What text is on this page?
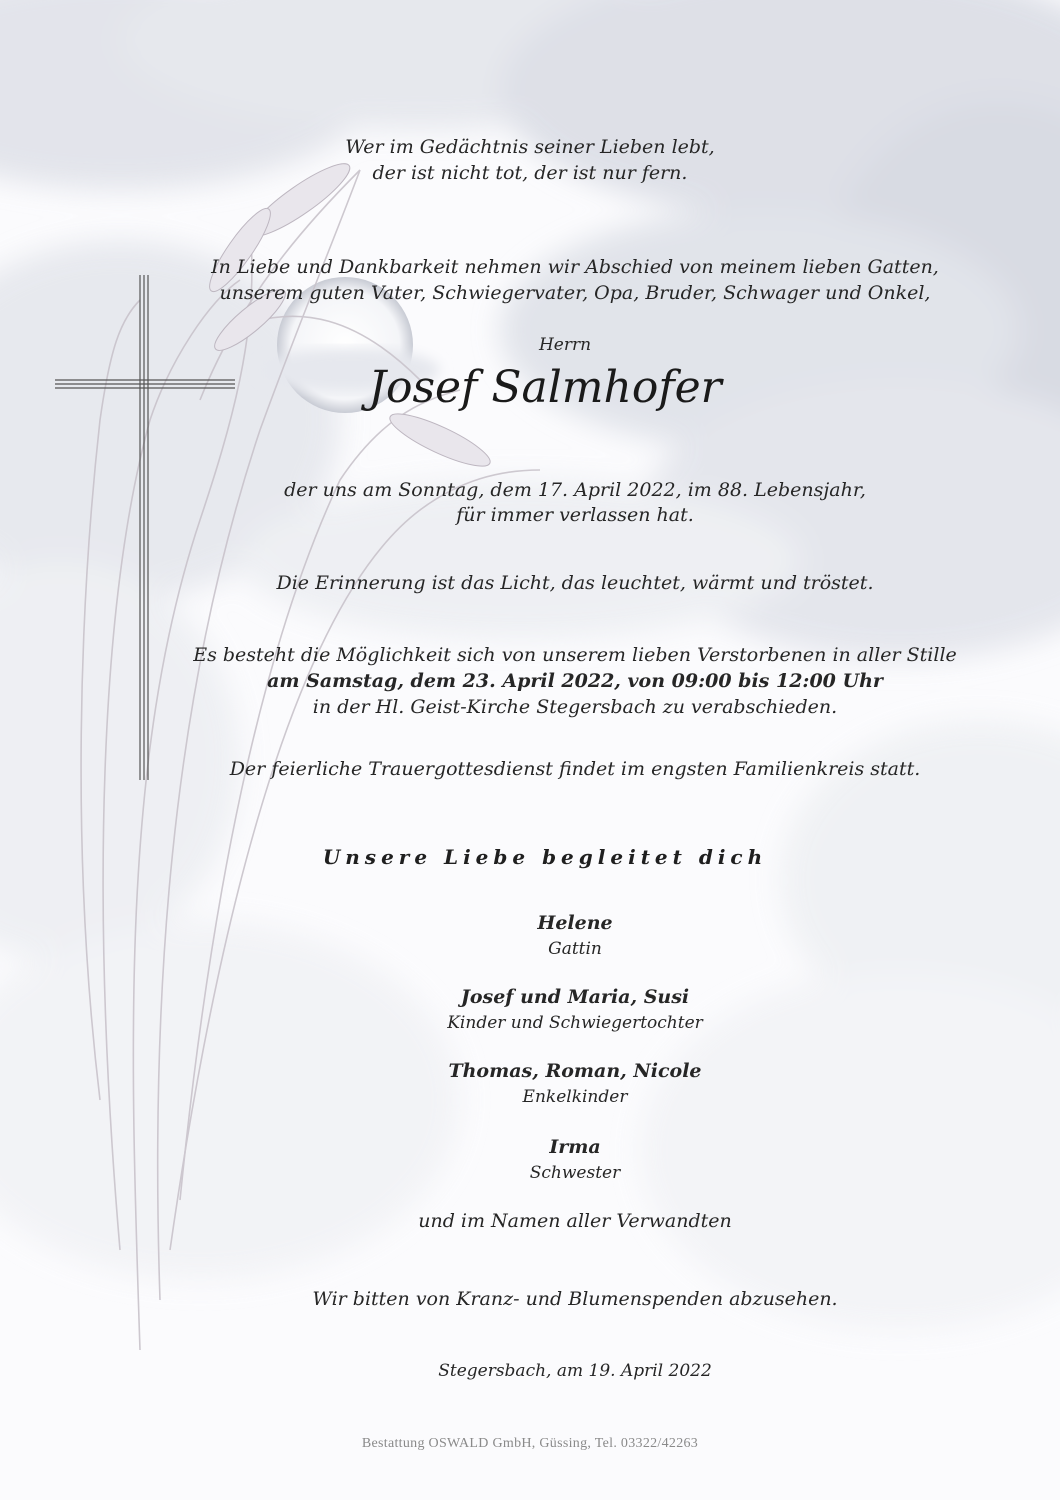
Wer im Gedächtnis seiner Lieben lebt,

der ist nicht tot, der ist nur fern.

In Liebe und Dankbarkeit nehmen wir Abschied von meinem lieben Gatten,

unserem guten Vater, Schwiegervater, Opa, Bruder, Schwager und Onkel,

Herrn

Josef Salmhofer

der uns am Sonntag, dem 17. April 2022, im 88. Lebensjahr,

für immer verlassen hat.

Die Erinnerung ist das Licht, das leuchtet, wärmt und tröstet.

Es besteht die Möglichkeit sich von unserem lieben Verstorbenen in aller Stille

am Samstag, dem 23. April 2022, von 09:00 bis 12:00 Uhr

in der Hl. Geist-Kirche Stegersbach zu verabschieden.

Der feierliche Trauergottesdienst findet im engsten Familienkreis statt.

Unsere Liebe begleitet dich

Helene

Gattin

Josef und Maria, Susi

Kinder und Schwiegertochter

Thomas, Roman, Nicole

Enkelkinder

Irma

Schwester

und im Namen aller Verwandten

Wir bitten von Kranz- und Blumenspenden abzusehen.

Stegersbach, am 19. April 2022

Bestattung OSWALD GmbH, Güssing, Tel. 03322/42263
